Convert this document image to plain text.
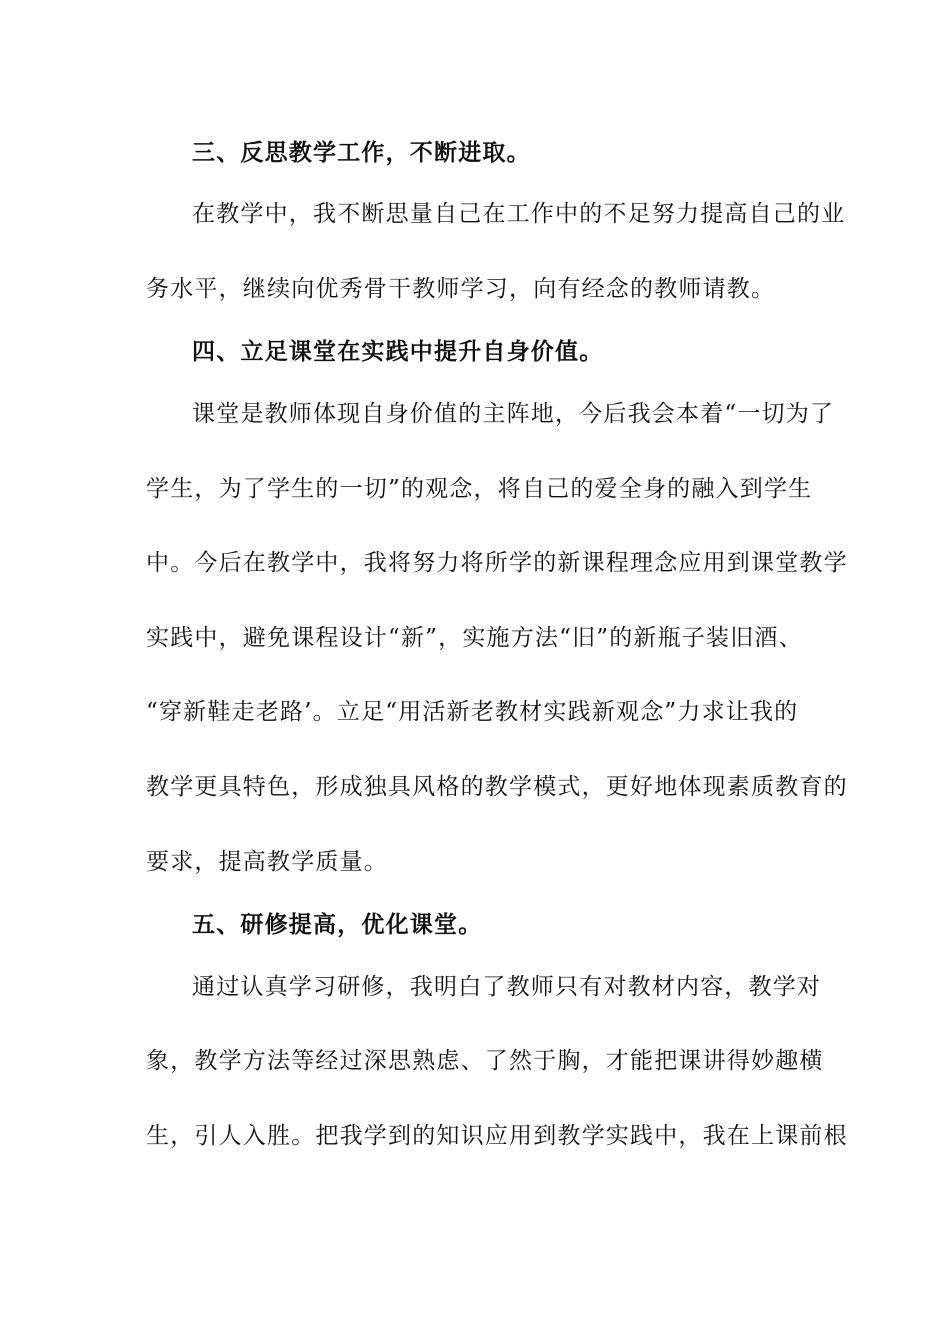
三、反思教学工作，不断进取。
在教学中，我不断思量自己在工作中的不足努力提高自己的业
务水平，继续向优秀骨干教师学习，向有经念的教师请教。
四、立足课堂在实践中提升自身价值。
课堂是教师体现自身价值的主阵地，今后我会本着“一切为了
学生，为了学生的一切”的观念，将自己的爱全身的融入到学生
中。今后在教学中，我将努力将所学的新课程理念应用到课堂教学
实践中，避免课程设计“新”，实施方法“旧”的新瓶子装旧酒、
“穿新鞋走老路’。立足“用活新老教材实践新观念”力求让我的
教学更具特色，形成独具风格的教学模式，更好地体现素质教育的
要求，提高教学质量。
五、研修提高，优化课堂。
通过认真学习研修，我明白了教师只有对教材内容，教学对
象，教学方法等经过深思熟虑、了然于胸，才能把课讲得妙趣横
生，引人入胜。把我学到的知识应用到教学实践中，我在上课前根
